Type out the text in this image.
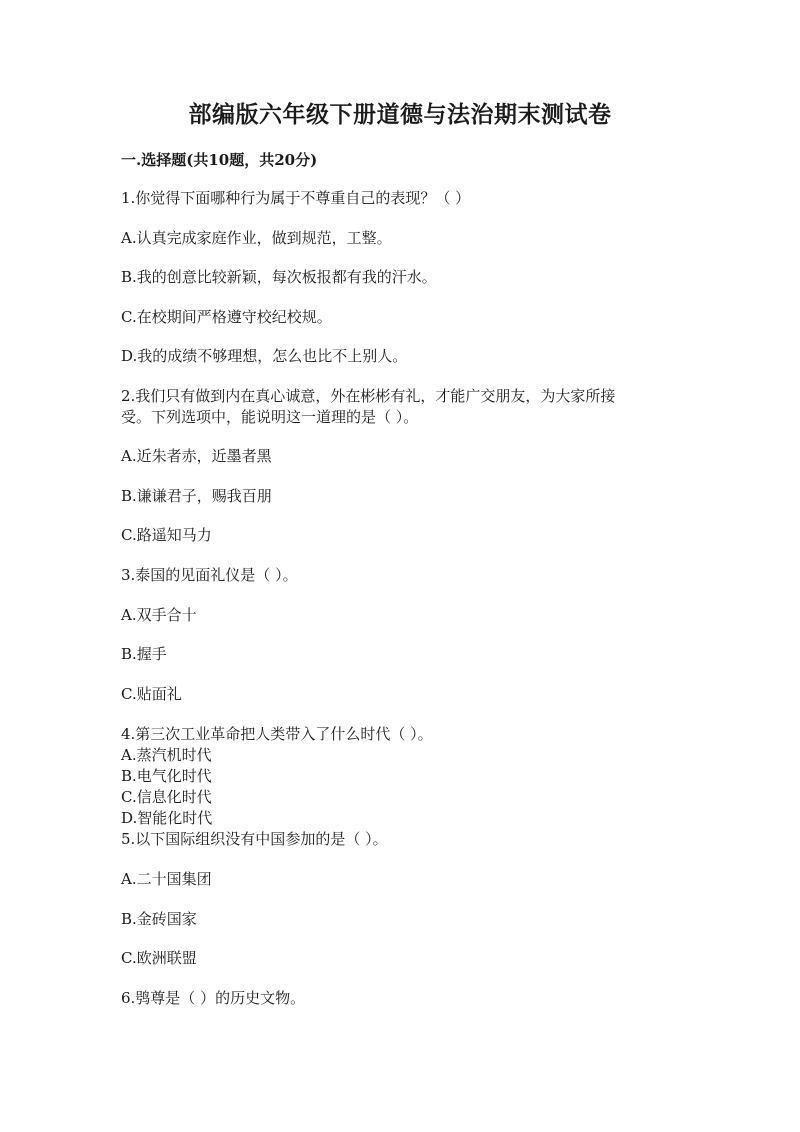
部编版六年级下册道德与法治期末测试卷
一.选择题(共10题，共20分)
1.你觉得下面哪种行为属于不尊重自己的表现？（ ）
A.认真完成家庭作业，做到规范，工整。
B.我的创意比较新颖，每次板报都有我的汗水。
C.在校期间严格遵守校纪校规。
D.我的成绩不够理想，怎么也比不上别人。
2.我们只有做到内在真心诚意，外在彬彬有礼，才能广交朋友，为大家所接
受。下列选项中，能说明这一道理的是（ ）。
A.近朱者赤，近墨者黑
B.谦谦君子，赐我百朋
C.路遥知马力
3.泰国的见面礼仪是（ ）。
A.双手合十
B.握手
C.贴面礼
4.第三次工业革命把人类带入了什么时代（ ）。
A.蒸汽机时代
B.电气化时代
C.信息化时代
D.智能化时代
5.以下国际组织没有中国参加的是（ ）。
A.二十国集团
B.金砖国家
C.欧洲联盟
6.鸮尊是（ ）的历史文物。
